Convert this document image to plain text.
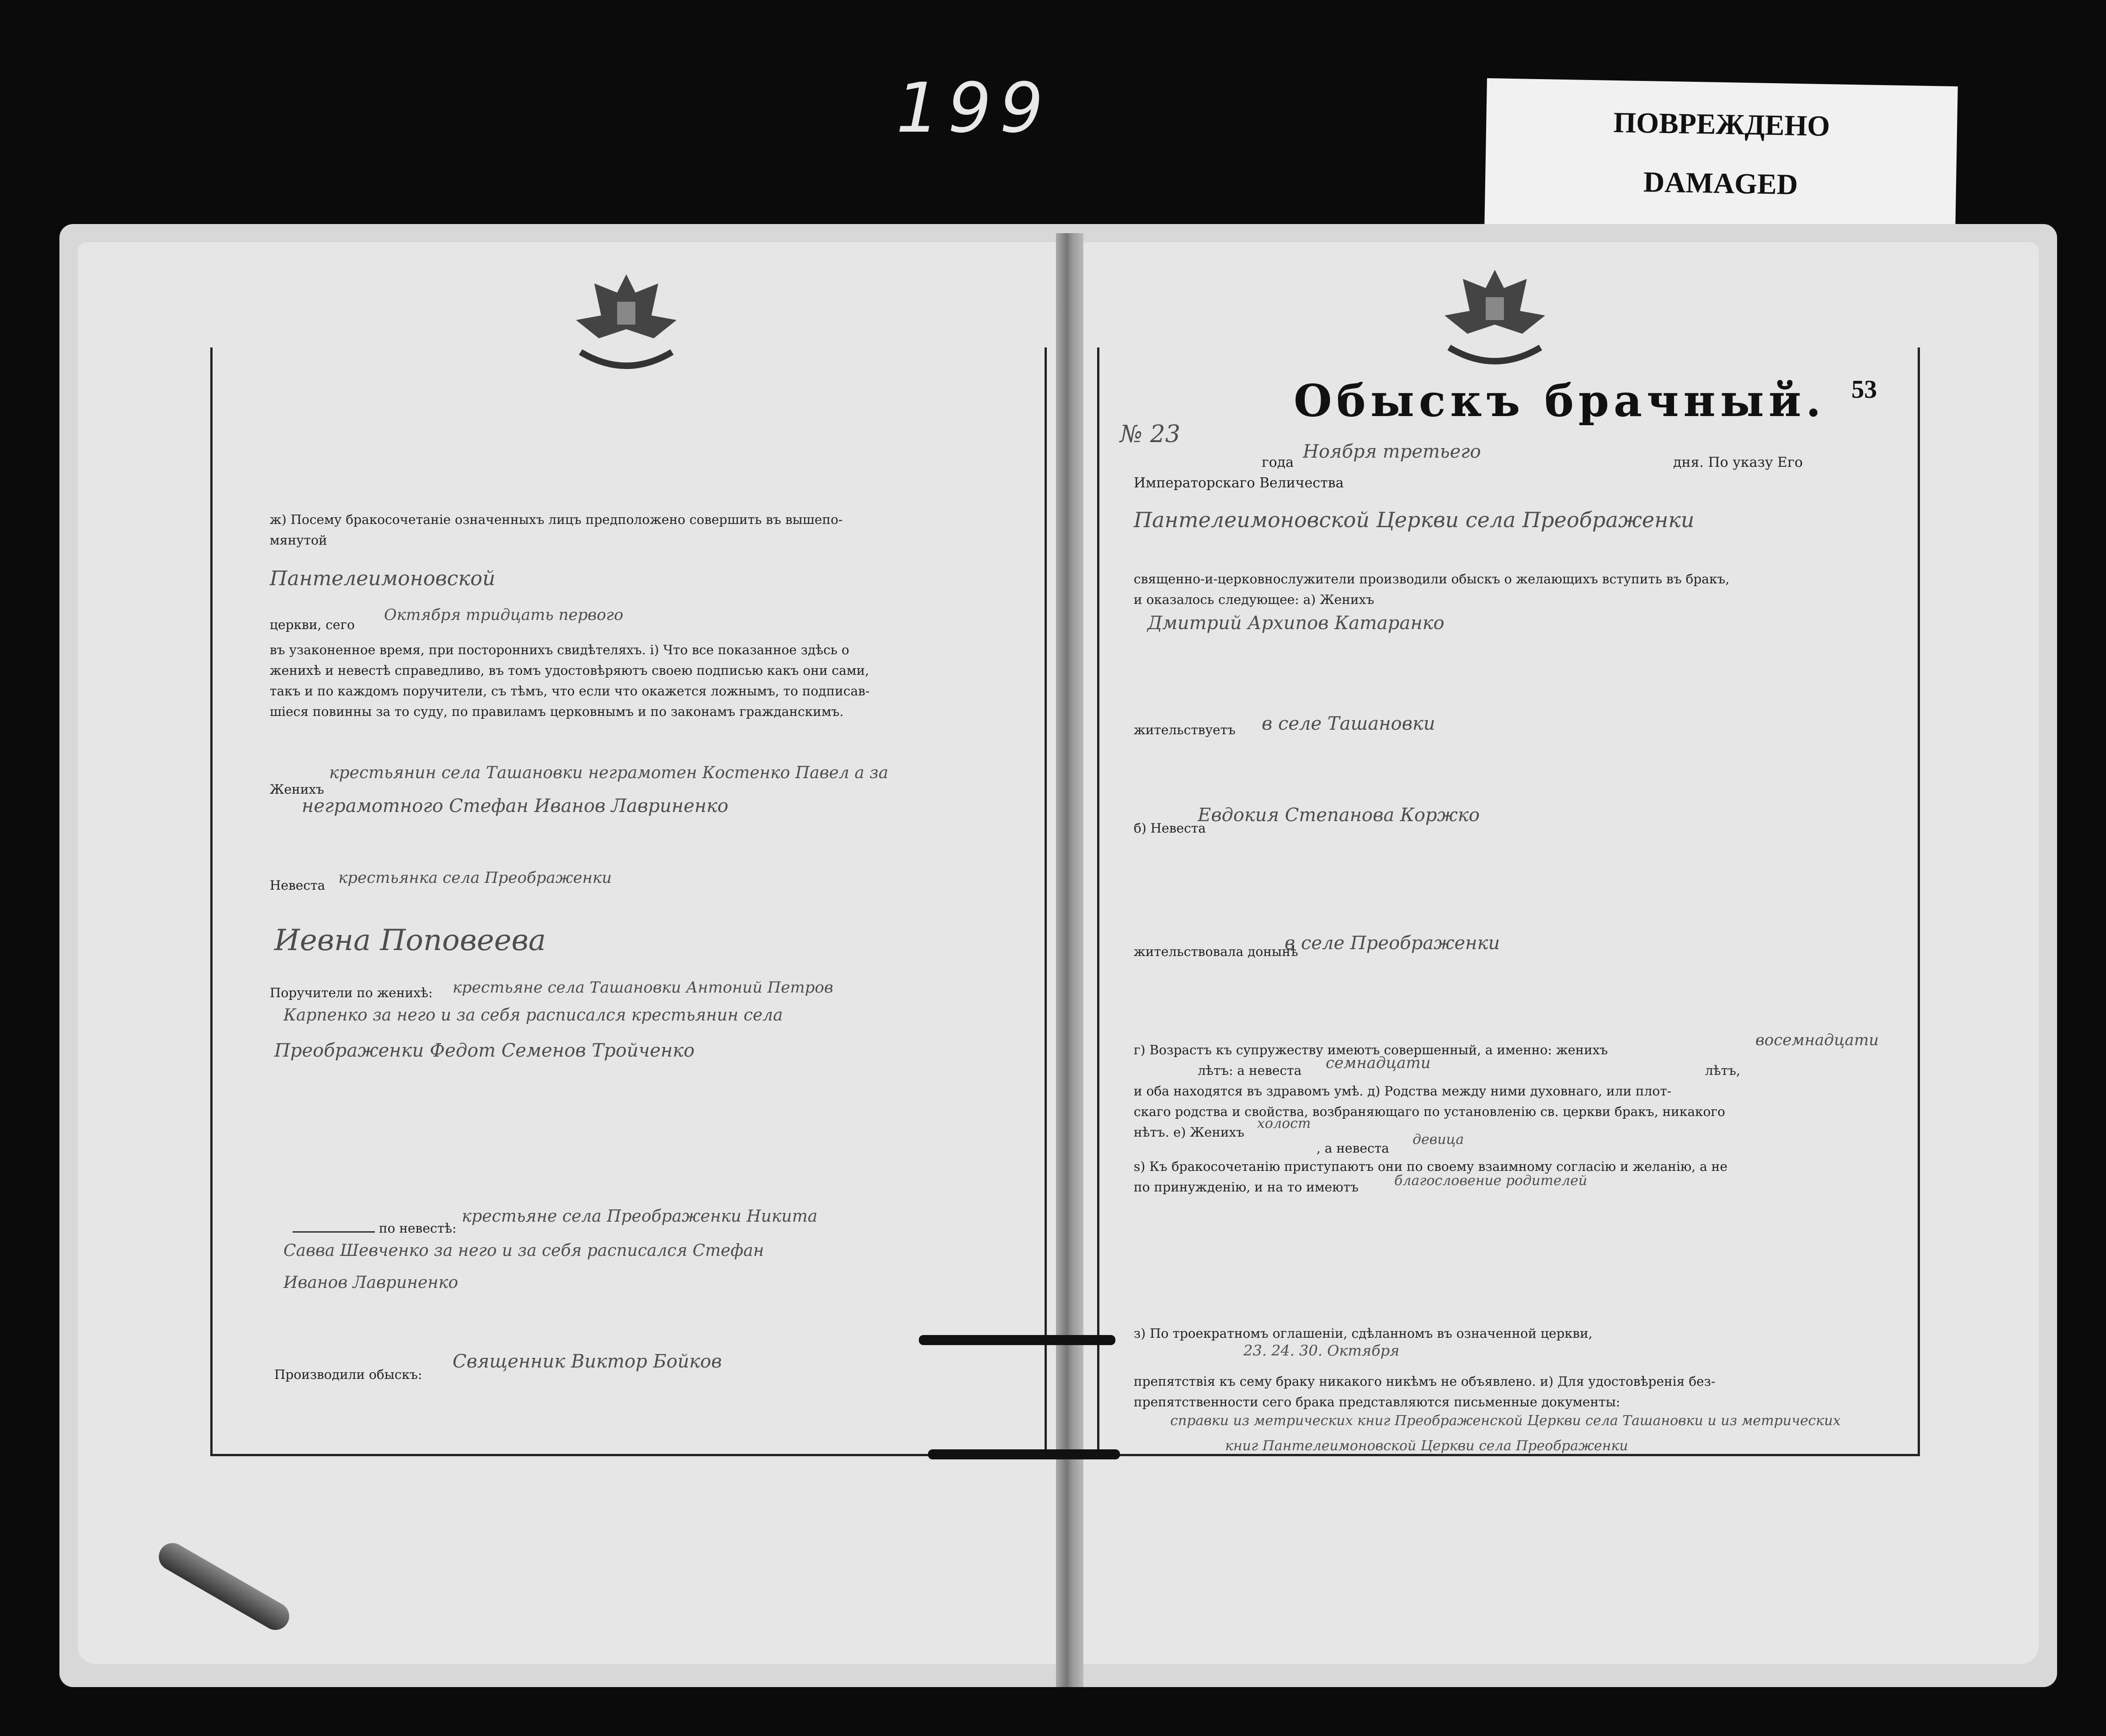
199	ПОВРЕЖДЕНО
DAMAGED
Обыскъ брачный. 53
№ 23
Ноября третьего
года	дня. По указу Его
Императорскаго Величества
Пантелеимоновской Церкви села Преображенки
священно-и-церковнослужители производили обыскъ о желающихъ вступить въ бракъ,
и оказалось следующее: а) Женихъ
Дмитрий Архипов Катаранко
жительствуетъ в селе Ташановки
б) Невеста
Евдокия Степанова Коржко
жительствовала донынѣ
в селе Преображенки
г) Возрастъ къ супружеству имеютъ совершенный, а именно: женихъ
восемнадцати
лѣтъ: а невеста семнадцати	лѣтъ,
и оба находятся въ здравомъ умѣ. д) Родства между ними духовнаго, или плот-
скаго родства и свойства, возбраняющаго по установленiю св. церкви бракъ, никакого
нѣтъ. е) Женихъ
холост
, а невеста
девица
ѕ) Къ бракосочетанiю приступаютъ они по своему взаимному согласiю и желанiю, а не
по принужденiю, и на то имеютъ	благословение родителей
з) По троекратномъ оглашенiи, сдѣланномъ въ означенной церкви,
23. 24. 30. Октября
препятствiя къ сему браку никакого никѣмъ не объявлено. и) Для удостовѣренiя без-
препятственности сего брака представляются письменные документы:
справки из метрических книг Преображенской Церкви села Ташановки и из метрических
книг Пантелеимоновской Церкви села Преображенки
ж) Посему бракосочетанiе означенныхъ лицъ предположено совершить въ вышепо-
мянутой
Пантелеимоновской
церкви, сего
Октября тридцать первого
въ узаконенное время, при постороннихъ свидѣтеляхъ. і) Что все показанное здѣсь о
женихѣ и невестѣ справедливо, въ томъ удостовѣряютъ своею подписью какъ они сами,
такъ и по каждомъ поручители, съ тѣмъ, что если что окажется ложнымъ, то подписав-
шiеся повинны за то суду, по правиламъ церковнымъ и по законамъ гражданскимъ.
Женихъ
крестьянин села Ташановки неграмотен Костенко Павел а за
неграмотного Стефан Иванов Лавриненко
Невеста крестьянка села Преображенки
Иевна Поповеева
Поручители по женихѣ: крестьяне села Ташановки Антоний Петров
Карпенко за него и за себя расписался крестьянин села
Преображенки Федот Семенов Тройченко
по невестѣ:
крестьяне села Преображенки Никита
Савва Шевченко за него и за себя расписался Стефан
Иванов Лавриненко
Производили обыскъ:
Священник Виктор Бойков
